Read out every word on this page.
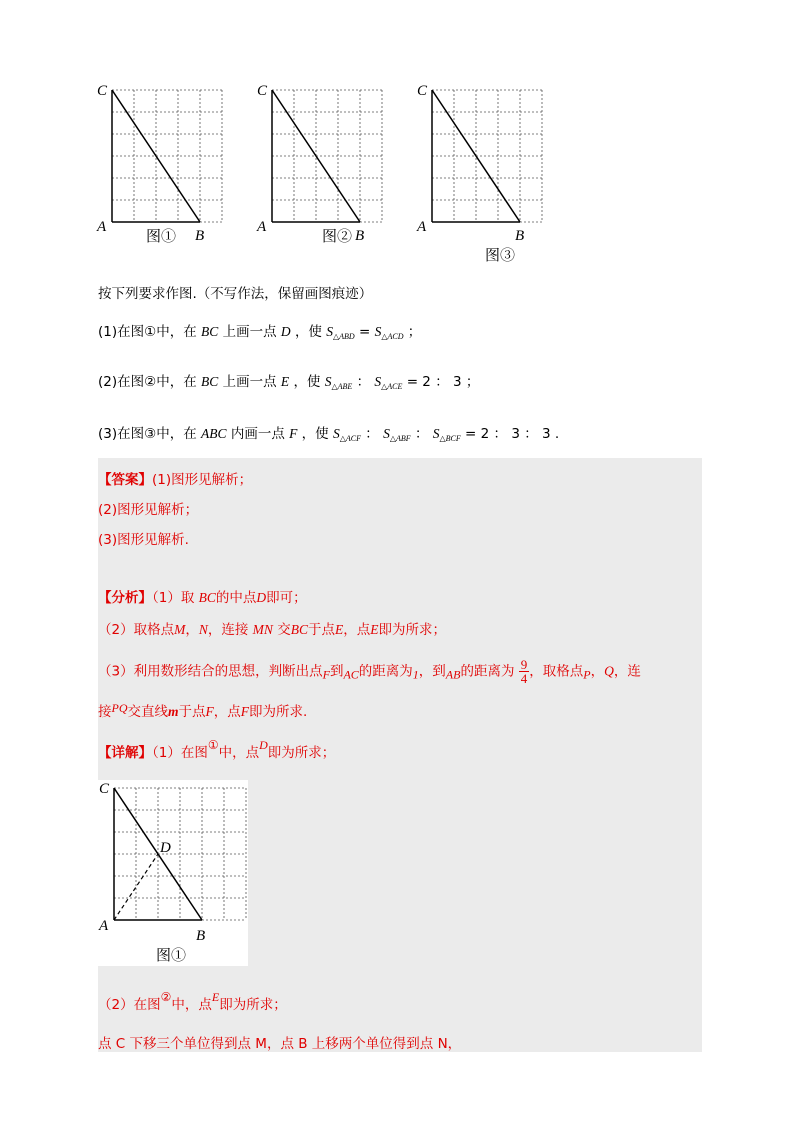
C
A
B
图①
C
A
B
图②
C
A
B
图③
按下列要求作图.（不写作法，保留画图痕迹）
(1)在图①中，在 BC 上画一点 D ，使 $S_{\triangle ABD} = S_{\triangle ACD}$ ；
(2)在图②中，在 BC 上画一点 E ，使 $S_{\triangle ABE}$ ： $S_{\triangle ACE} = 2$ ： 3 ；
(3)在图③中，在 ABC 内画一点 F ，使 $S_{\triangle ACF}$ ： $S_{\triangle ABF}$ ： $S_{\triangle BCF} = 2$ ： 3 ： 3 .
【答案】(1)图形见解析；
(2)图形见解析；
(3)图形见解析.
【分析】（1）取 BC的中点D即可；
（2）取格点M，N，连接 MN 交BC于点E，点E即为所求；
（3）利用数形结合的思想，判断出点F到AC的距离为1，到AB的距离为 $\frac{9}{4}$ ，取格点P，Q，连
接PQ交直线m于点F，点F即为所求.
【详解】（1）在图①中，点D即为所求；
C
A
B
D
图①
（2）在图②中，点E即为所求；
点 C 下移三个单位得到点 M，点 B 上移两个单位得到点 N，
